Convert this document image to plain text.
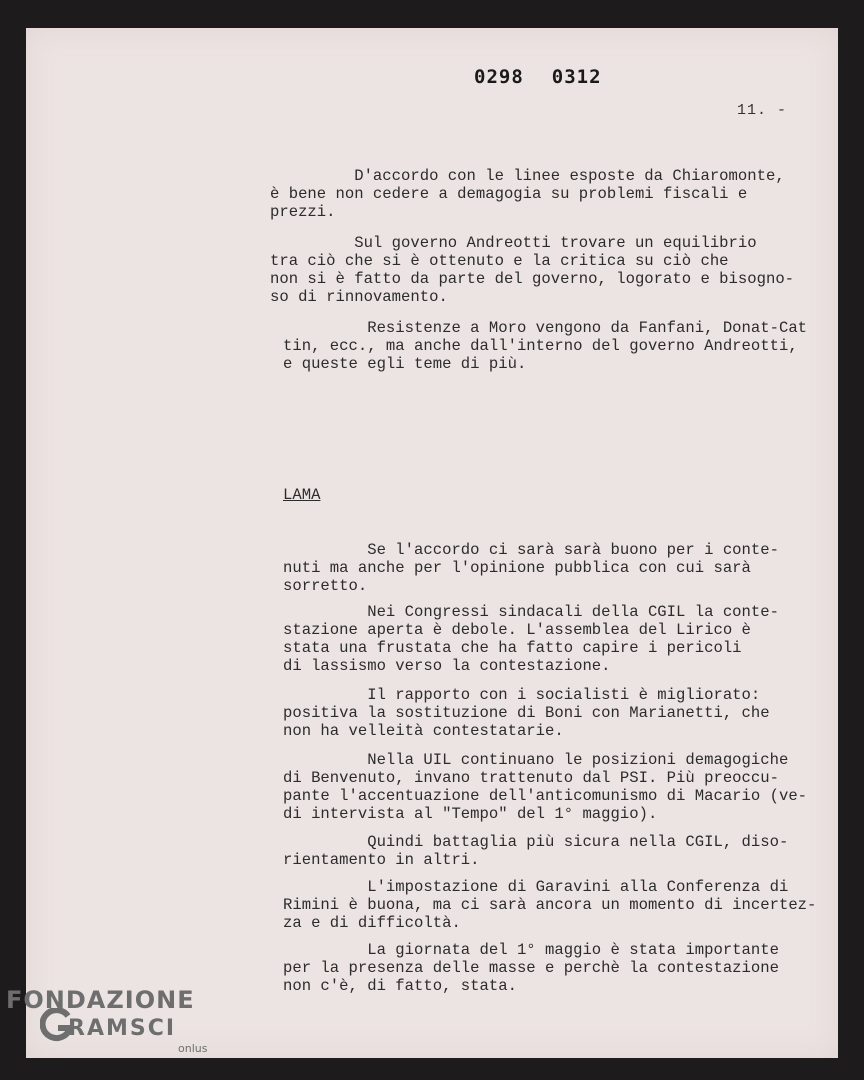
0298 0312
11. -
D'accordo con le linee esposte da Chiaromonte,
è bene non cedere a demagogia su problemi fiscali e
prezzi.
Sul governo Andreotti trovare un equilibrio
tra ciò che si è ottenuto e la critica su ciò che
non si è fatto da parte del governo, logorato e bisogno-
so di rinnovamento.
Resistenze a Moro vengono da Fanfani, Donat-Cat
tin, ecc., ma anche dall'interno del governo Andreotti,
e queste egli teme di più.
LAMA
Se l'accordo ci sarà sarà buono per i conte-
nuti ma anche per l'opinione pubblica con cui sarà
sorretto.
Nei Congressi sindacali della CGIL la conte-
stazione aperta è debole. L'assemblea del Lirico è
stata una frustata che ha fatto capire i pericoli
di lassismo verso la contestazione.
Il rapporto con i socialisti è migliorato:
positiva la sostituzione di Boni con Marianetti, che
non ha velleità contestatarie.
Nella UIL continuano le posizioni demagogiche
di Benvenuto, invano trattenuto dal PSI. Più preoccu-
pante l'accentuazione dell'anticomunismo di Macario (ve-
di intervista al "Tempo" del 1° maggio).
Quindi battaglia più sicura nella CGIL, diso-
rientamento in altri.
L'impostazione di Garavini alla Conferenza di
Rimini è buona, ma ci sarà ancora un momento di incertez-
za e di difficoltà.
La giornata del 1° maggio è stata importante
per la presenza delle masse e perchè la contestazione
non c'è, di fatto, stata.
FONDAZIONE
RAMSCI
onlus
